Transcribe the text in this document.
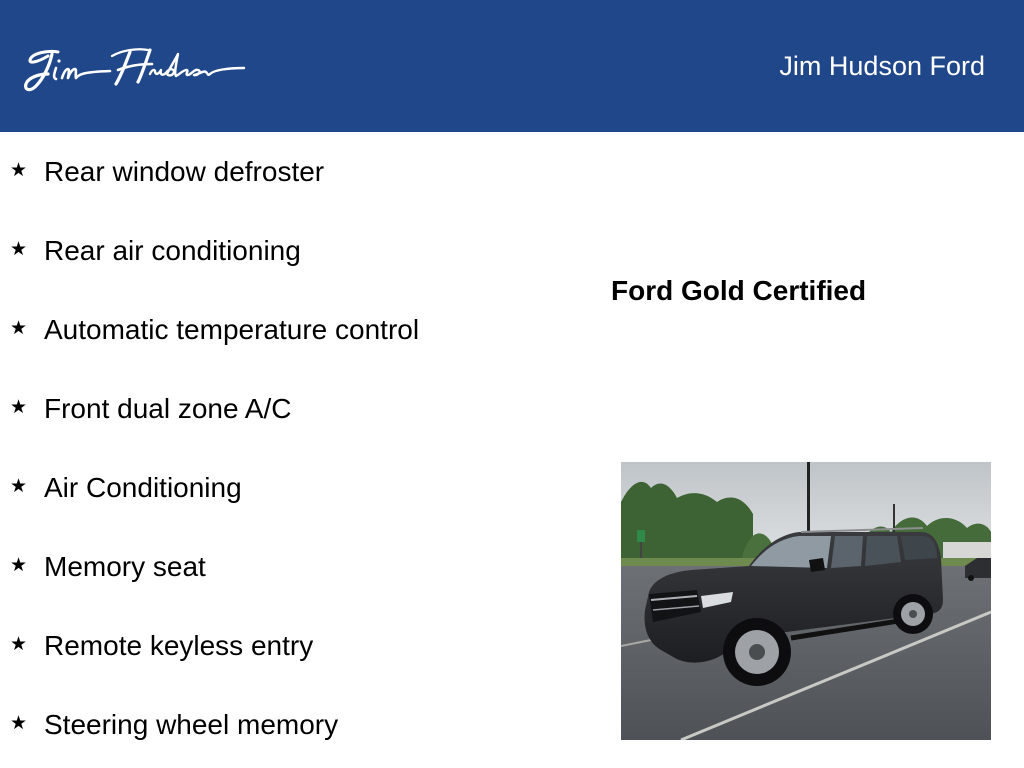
Jim Hudson Ford
★ Rear window defroster
★ Rear air conditioning
★ Automatic temperature control
★ Front dual zone A/C
★ Air Conditioning
★ Memory seat
★ Remote keyless entry
★ Steering wheel memory
Ford Gold Certified
